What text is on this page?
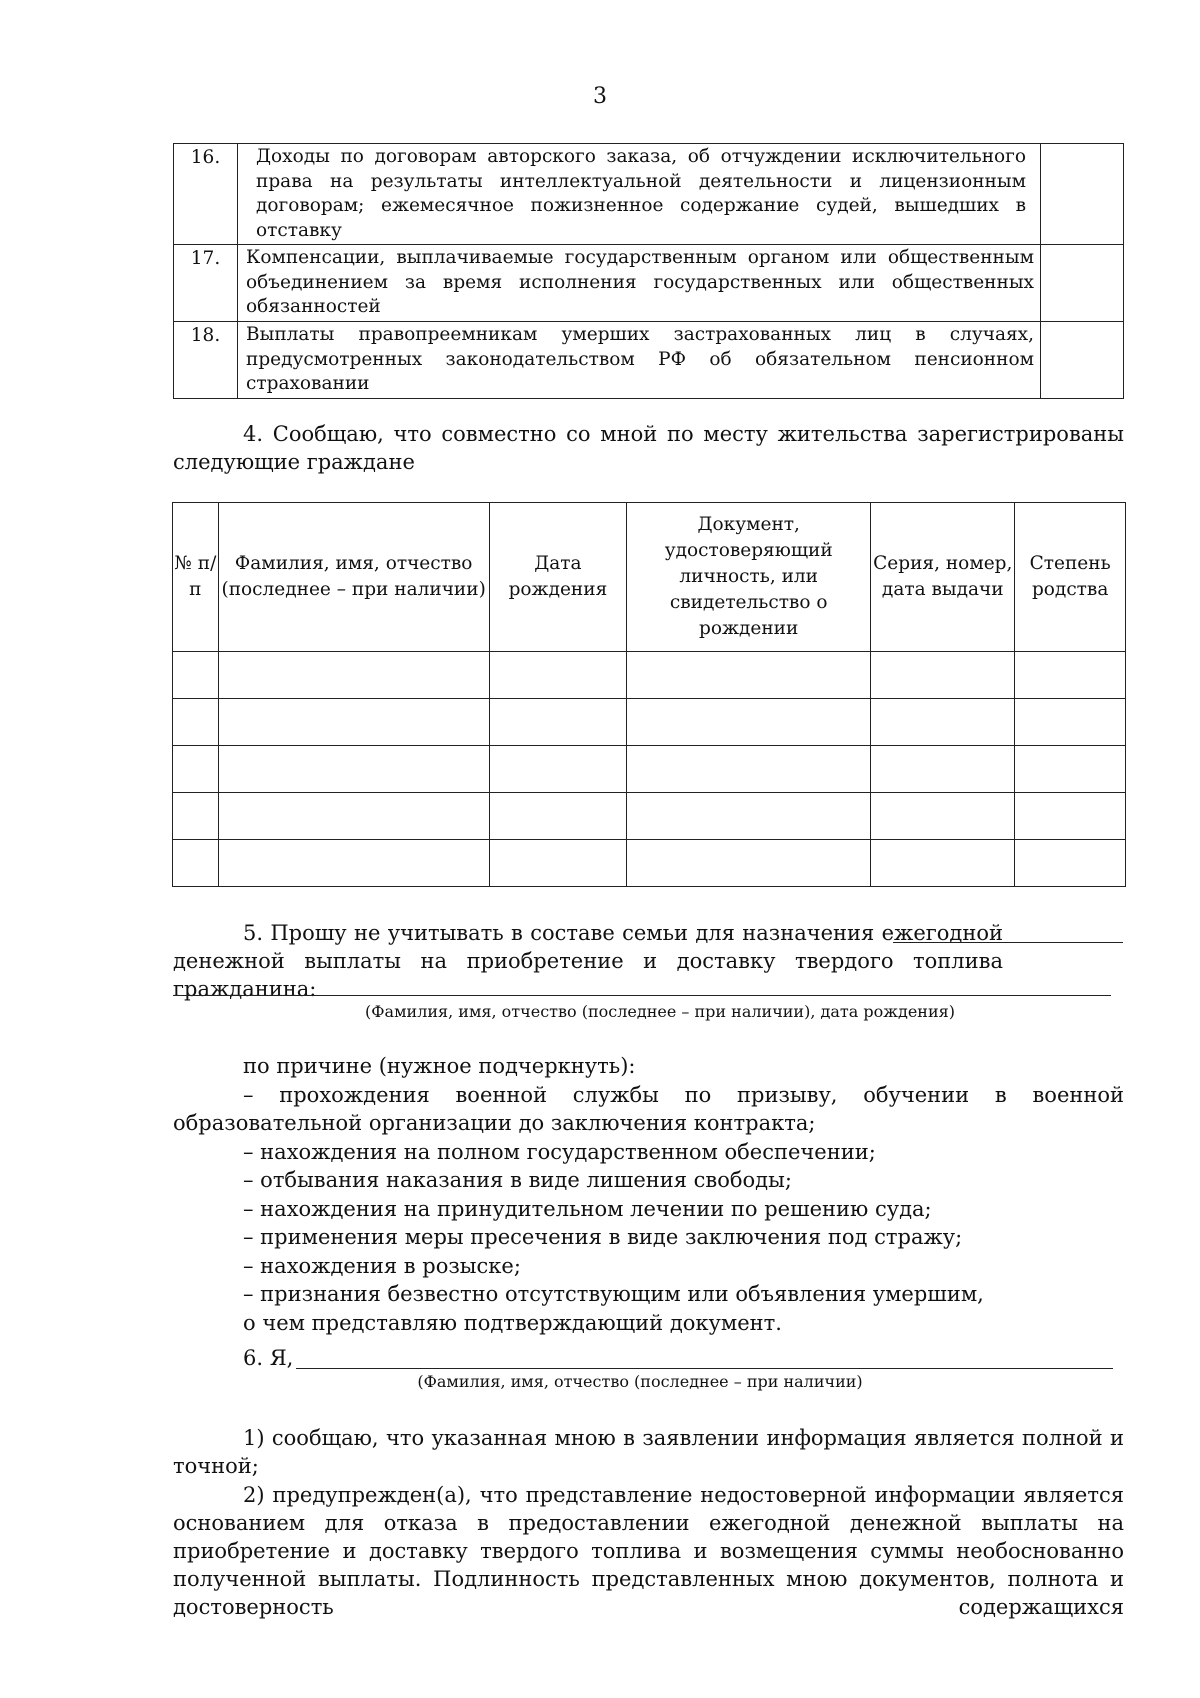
3
16.	Доходы по договорам авторского заказа, об отчуждении исключительного права на результаты интеллектуальной деятельности и лицензионным договорам; ежемесячное пожизненное содержание судей, вышедших в отставку	
17.	Компенсации, выплачиваемые государственным органом или общественным объединением за время исполнения государственных или общественных обязанностей	
18.	Выплаты правопреемникам умерших застрахованных лиц в случаях, предусмотренных законодательством РФ об обязательном пенсионном страховании	
4. Сообщаю, что совместно со мной по месту жительства зарегистрированы следующие граждане
№ п/п	Фамилия, имя, отчество (последнее – при наличии)	Дата рождения	Документ, удостоверяющий личность, или свидетельство о рождении	Серия, номер, дата выдачи	Степень родства

5. Прошу не учитывать в составе семьи для назначения ежегодной денежной выплаты на приобретение и доставку твердого топлива гражданина:
(Фамилия, имя, отчество (последнее – при наличии), дата рождения)

по причине (нужное подчеркнуть):

– прохождения военной службы по призыву, обучении в военной образовательной организации до заключения контракта;

– нахождения на полном государственном обеспечении;

– отбывания наказания в виде лишения свободы;

– нахождения на принудительном лечении по решению суда;

– применения меры пресечения в виде заключения под стражу;

– нахождения в розыске;

– признания безвестно отсутствующим или объявления умершим,

о чем представляю подтверждающий документ.

6. Я,
(Фамилия, имя, отчество (последнее – при наличии)
1) сообщаю, что указанная мною в заявлении информация является полной и точной;
2) предупрежден(а), что представление недостоверной информации является основанием для отказа в предоставлении ежегодной денежной выплаты на приобретение и доставку твердого топлива и возмещения суммы необоснованно полученной выплаты. Подлинность представленных мною документов, полнота и достоверность содержащихся
